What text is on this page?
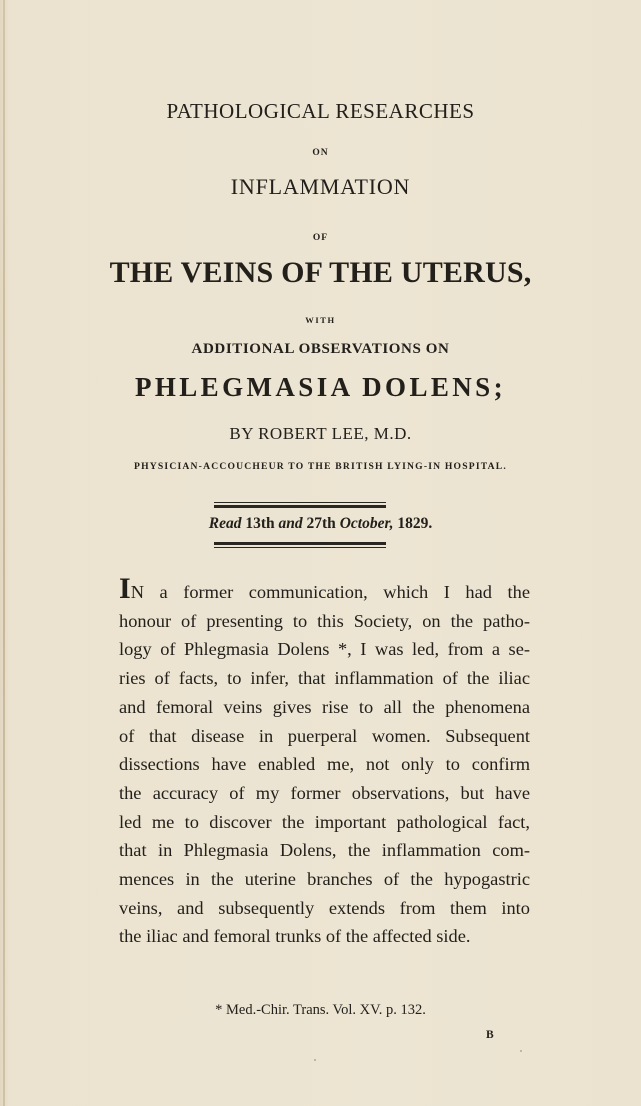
PATHOLOGICAL RESEARCHES
ON
INFLAMMATION
OF
THE VEINS OF THE UTERUS,
WITH
ADDITIONAL OBSERVATIONS ON
PHLEGMASIA DOLENS;
BY ROBERT LEE, M.D.
PHYSICIAN-ACCOUCHEUR TO THE BRITISH LYING-IN HOSPITAL.
Read 13th and 27th October, 1829.
IN a former communication, which I had the
honour of presenting to this Society, on the patho-
logy of Phlegmasia Dolens *, I was led, from a se-
ries of facts, to infer, that inflammation of the iliac
and femoral veins gives rise to all the phenomena
of that disease in puerperal women. Subsequent
dissections have enabled me, not only to confirm
the accuracy of my former observations, but have
led me to discover the important pathological fact,
that in Phlegmasia Dolens, the inflammation com-
mences in the uterine branches of the hypogastric
veins, and subsequently extends from them into
the iliac and femoral trunks of the affected side.
* Med.-Chir. Trans. Vol. XV. p. 132.
B
